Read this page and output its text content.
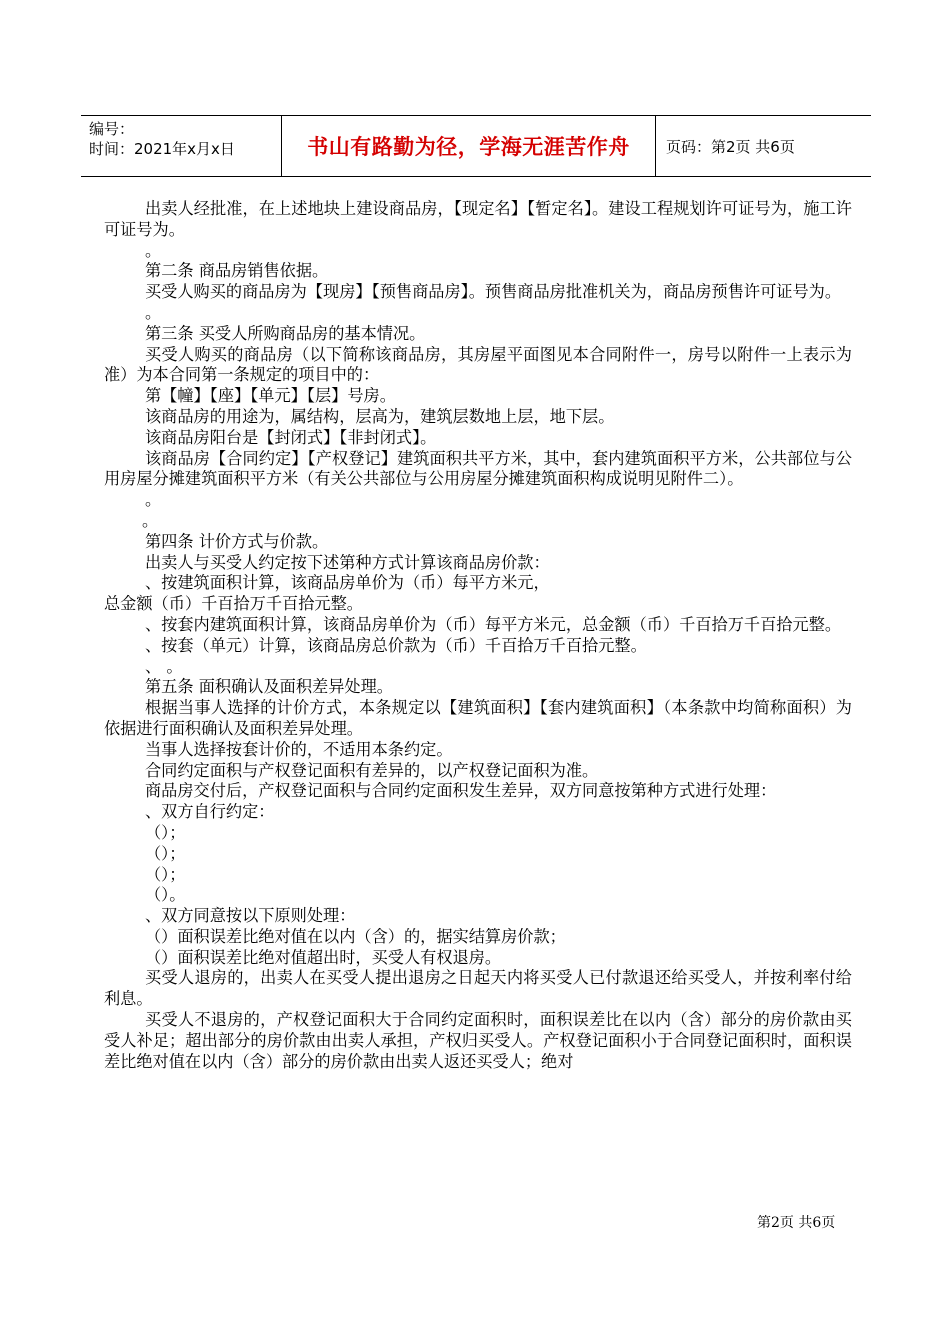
编号：
时间：2021年x月x日	书山有路勤为径，学海无涯苦作舟 页码：第2页 共6页

出卖人经批准，在上述地块上建设商品房，【现定名】【暂定名】。建设工程规划许可证号为，施工许可证号为。

。

第二条 商品房销售依据。

买受人购买的商品房为【现房】【预售商品房】。预售商品房批准机关为，商品房预售许可证号为。

。

第三条 买受人所购商品房的基本情况。

买受人购买的商品房（以下简称该商品房，其房屋平面图见本合同附件一，房号以附件一上表示为准）为本合同第一条规定的项目中的：

第【幢】【座】【单元】【层】号房。

该商品房的用途为，属结构，层高为，建筑层数地上层，地下层。

该商品房阳台是【封闭式】【非封闭式】。

该商品房【合同约定】【产权登记】建筑面积共平方米，其中，套内建筑面积平方米，公共部位与公用房屋分摊建筑面积平方米（有关公共部位与公用房屋分摊建筑面积构成说明见附件二）。

。

。

第四条 计价方式与价款。

出卖人与买受人约定按下述第种方式计算该商品房价款：

、按建筑面积计算，该商品房单价为（币）每平方米元，

总金额（币）千百拾万千百拾元整。

、按套内建筑面积计算，该商品房单价为（币）每平方米元，总金额（币）千百拾万千百拾元整。

、按套（单元）计算，该商品房总价款为（币）千百拾万千百拾元整。

、 。

第五条 面积确认及面积差异处理。

根据当事人选择的计价方式，本条规定以【建筑面积】【套内建筑面积】（本条款中均简称面积）为依据进行面积确认及面积差异处理。

当事人选择按套计价的，不适用本条约定。

合同约定面积与产权登记面积有差异的，以产权登记面积为准。

商品房交付后，产权登记面积与合同约定面积发生差异，双方同意按第种方式进行处理：

、双方自行约定：

（）；

（）；

（）；

（）。

、双方同意按以下原则处理：

（）面积误差比绝对值在以内（含）的，据实结算房价款；

（）面积误差比绝对值超出时，买受人有权退房。

买受人退房的，出卖人在买受人提出退房之日起天内将买受人已付款退还给买受人，并按利率付给利息。

买受人不退房的，产权登记面积大于合同约定面积时，面积误差比在以内（含）部分的房价款由买受人补足；超出部分的房价款由出卖人承担，产权归买受人。产权登记面积小于合同登记面积时，面积误差比绝对值在以内（含）部分的房价款由出卖人返还买受人；绝对

第2页 共6页
